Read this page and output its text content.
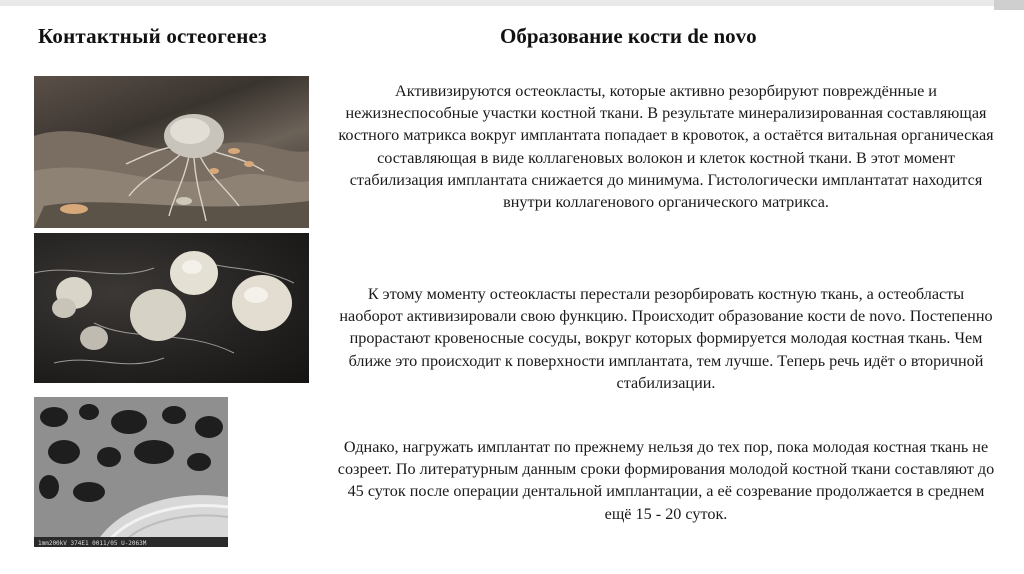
Контактный остеогенез	Образование кости de novo
1mm200kV 374E1 0011/05 U-2063M

Активизируются остеокласты, которые активно резорбируют повреждённые и нежизнеспособные участки костной ткани. В результате минерализированная составляющая костного матрикса вокруг имплантата попадает в кровоток, а остаётся витальная органическая составляющая в виде коллагеновых волокон и клеток костной ткани. В этот момент стабилизация имплантата снижается до минимума. Гистологически имплантатат находится внутри коллагенового органического матрикса.

К этому моменту остеокласты перестали резорбировать костную ткань, а остеобласты наоборот активизировали свою функцию. Происходит образование кости de novo. Постепенно прорастают кровеносные сосуды, вокруг которых формируется молодая костная ткань. Чем ближе это происходит к поверхности имплантата, тем лучше. Теперь речь идёт о вторичной стабилизации.

Однако, нагружать имплантат по прежнему нельзя до тех пор, пока молодая костная ткань не созреет. По литературным данным сроки формирования молодой костной ткани составляют до 45 суток после операции дентальной имплантации, а её созревание продолжается в среднем ещё 15 - 20 суток.
